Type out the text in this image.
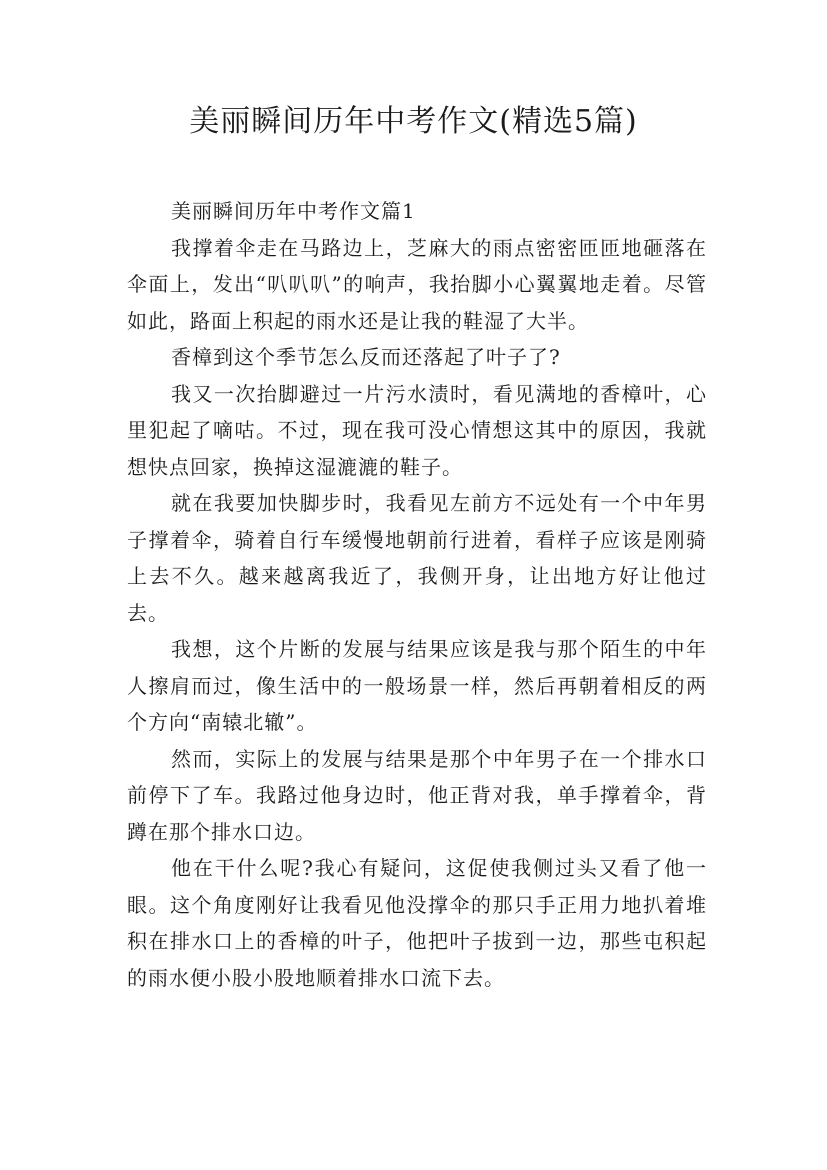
美丽瞬间历年中考作文(精选5篇)

美丽瞬间历年中考作文篇1

我撑着伞走在马路边上，芝麻大的雨点密密匝匝地砸落在伞面上，发出“叭叭叭”的响声，我抬脚小心翼翼地走着。尽管如此，路面上积起的雨水还是让我的鞋湿了大半。

香樟到这个季节怎么反而还落起了叶子了?

我又一次抬脚避过一片污水渍时，看见满地的香樟叶，心里犯起了嘀咕。不过，现在我可没心情想这其中的原因，我就想快点回家，换掉这湿漉漉的鞋子。

就在我要加快脚步时，我看见左前方不远处有一个中年男子撑着伞，骑着自行车缓慢地朝前行进着，看样子应该是刚骑上去不久。越来越离我近了，我侧开身，让出地方好让他过去。

我想，这个片断的发展与结果应该是我与那个陌生的中年人擦肩而过，像生活中的一般场景一样，然后再朝着相反的两个方向“南辕北辙”。

然而，实际上的发展与结果是那个中年男子在一个排水口前停下了车。我路过他身边时，他正背对我，单手撑着伞，背蹲在那个排水口边。

他在干什么呢?我心有疑问，这促使我侧过头又看了他一眼。这个角度刚好让我看见他没撑伞的那只手正用力地扒着堆积在排水口上的香樟的叶子，他把叶子拔到一边，那些屯积起的雨水便小股小股地顺着排水口流下去。
